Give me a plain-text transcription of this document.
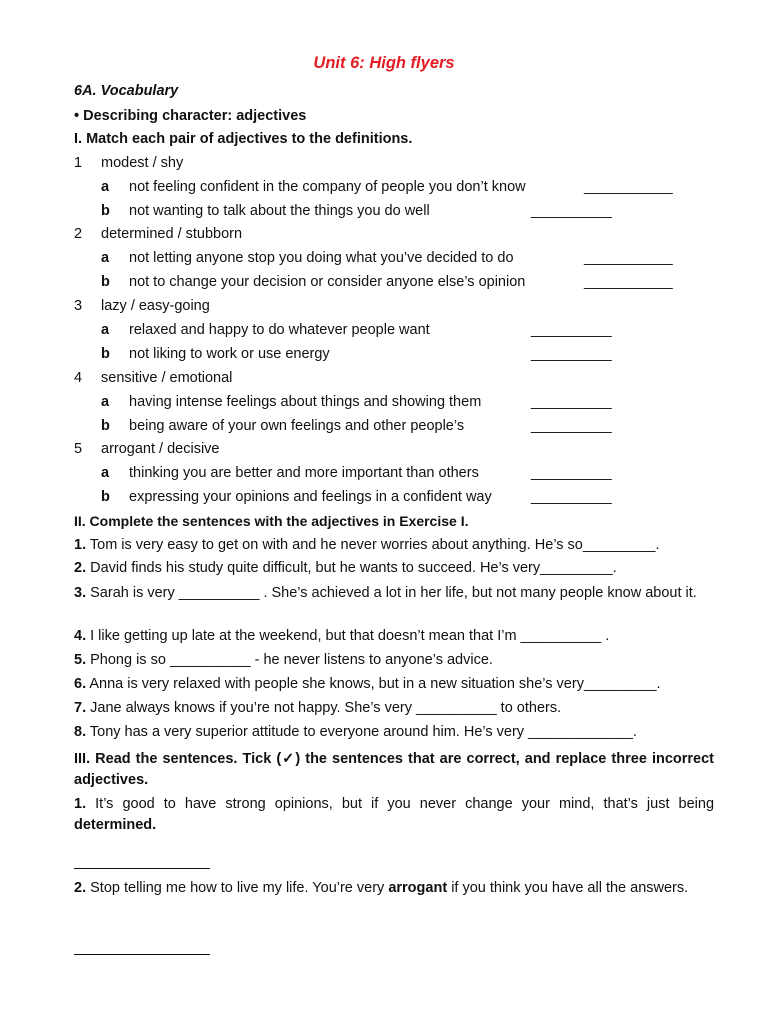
Unit 6: High flyers
6A. Vocabulary
• Describing character: adjectives
I. Match each pair of adjectives to the definitions.
1 modest / shy
a not feeling confident in the company of people you don’t know	___________
b not wanting to talk about the things you do well	__________
2 determined / stubborn
a not letting anyone stop you doing what you’ve decided to do	___________
b not to change your decision or consider anyone else’s opinion	___________
3 lazy / easy-going
a relaxed and happy to do whatever people want	__________
b not liking to work or use energy	__________
4 sensitive / emotional
a having intense feelings about things and showing them	__________
b being aware of your own feelings and other people’s	__________
5 arrogant / decisive
a thinking you are better and more important than others	__________
b expressing your opinions and feelings in a confident way	__________
II. Complete the sentences with the adjectives in Exercise I.
1. Tom is very easy to get on with and he never worries about anything. He’s so_________.
2. David finds his study quite difficult, but he wants to succeed. He’s very_________.
3. Sarah is very __________ . She’s achieved a lot in her life, but not many people know about it.
4. I like getting up late at the weekend, but that doesn’t mean that I’m __________ .
5. Phong is so __________ - he never listens to anyone’s advice.
6. Anna is very relaxed with people she knows, but in a new situation she’s very_________.
7. Jane always knows if you’re not happy. She’s very __________ to others.
8. Tony has a very superior attitude to everyone around him. He’s very _____________.
III. Read the sentences. Tick (✓) the sentences that are correct, and replace three incorrect adjectives.
1. It’s good to have strong opinions, but if you never change your mind, that’s just being determined.
2. Stop telling me how to live my life. You’re very arrogant if you think you have all the answers.
